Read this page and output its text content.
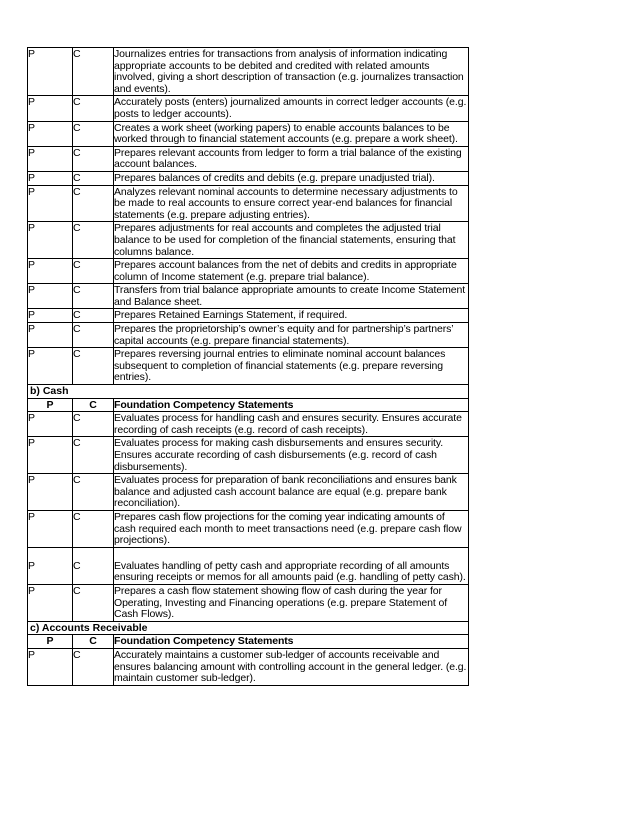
P	C	Journalizes entries for transactions from analysis of information indicating appropriate accounts to be debited and credited with related amounts involved, giving a short description of transaction (e.g. journalizes transaction and events).
P	C	Accurately posts (enters) journalized amounts in correct ledger accounts (e.g. posts to ledger accounts).
P	C	Creates a work sheet (working papers) to enable accounts balances to be worked through to financial statement accounts (e.g. prepare a work sheet).
P	C	Prepares relevant accounts from ledger to form a trial balance of the existing account balances.
P	C	Prepares balances of credits and debits (e.g. prepare unadjusted trial).
P	C	Analyzes relevant nominal accounts to determine necessary adjustments to be made to real accounts to ensure correct year-end balances for financial statements (e.g. prepare adjusting entries).
P	C	Prepares adjustments for real accounts and completes the adjusted trial balance to be used for completion of the financial statements, ensuring that columns balance.
P	C	Prepares account balances from the net of debits and credits in appropriate column of Income statement (e.g. prepare trial balance).
P	C	Transfers from trial balance appropriate amounts to create Income Statement and Balance sheet.
P	C	Prepares Retained Earnings Statement, if required.
P	C	Prepares the proprietorship’s owner’s equity and for partnership’s partners’ capital accounts (e.g. prepare financial statements).
P	C	Prepares reversing journal entries to eliminate nominal account balances subsequent to completion of financial statements (e.g. prepare reversing entries).
b) Cash		
P	C	Foundation Competency Statements
P	C	Evaluates process for handling cash and ensures security. Ensures accurate recording of cash receipts (e.g. record of cash receipts).
P	C	Evaluates process for making cash disbursements and ensures security. Ensures accurate recording of cash disbursements (e.g. record of cash disbursements).
P	C	Evaluates process for preparation of bank reconciliations and ensures bank balance and adjusted cash account balance are equal (e.g. prepare bank reconciliation).
P	C	Prepares cash flow projections for the coming year indicating amounts of cash required each month to meet transactions need (e.g. prepare cash flow projections).

P	C	Evaluates handling of petty cash and appropriate recording of all amounts ensuring receipts or memos for all amounts paid (e.g. handling of petty cash).
P	C	Prepares a cash flow statement showing flow of cash during the year for Operating, Investing and Financing operations (e.g. prepare Statement of Cash Flows).
c) Accounts Receivable		
P	C	Foundation Competency Statements
P	C	Accurately maintains a customer sub-ledger of accounts receivable and ensures balancing amount with controlling account in the general ledger. (e.g. maintain customer sub-ledger).
